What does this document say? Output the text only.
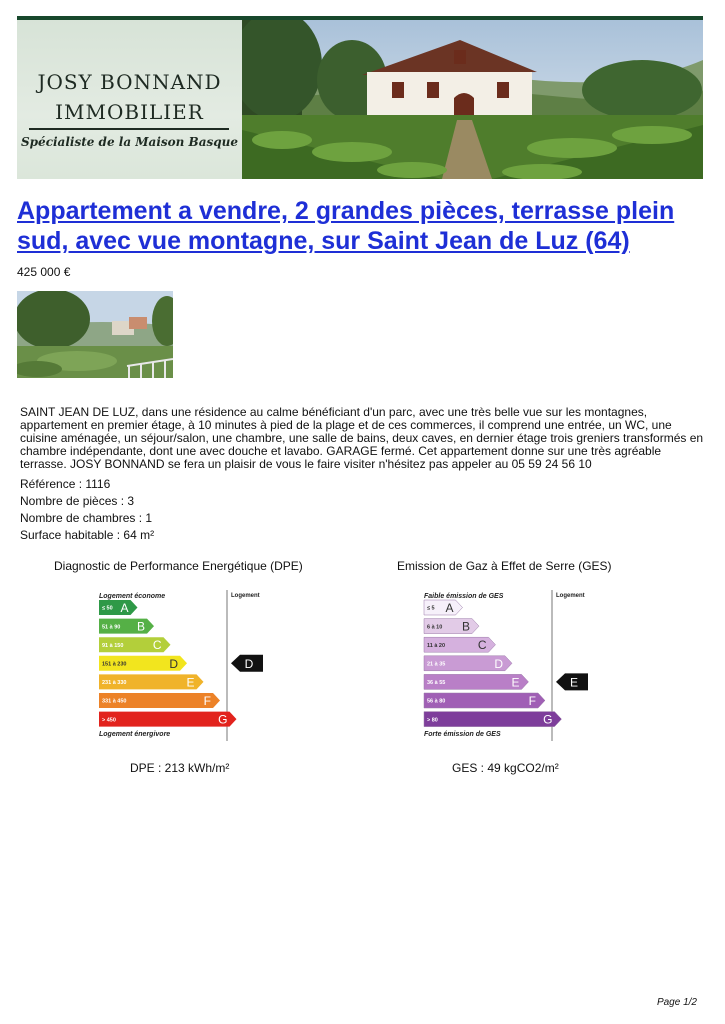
JOSY BONNAND
IMMOBILIER
Spécialiste de la Maison Basque
Appartement a vendre, 2 grandes pièces, terrasse plein sud, avec vue montagne, sur Saint Jean de Luz (64)
425 000 €

SAINT JEAN DE LUZ, dans une résidence au calme bénéficiant d'un parc, avec une très belle vue sur les montagnes, appartement en premier étage, à 10 minutes à pied de la plage et de ces commerces, il comprend une entrée, un WC, une cuisine aménagée, un séjour/salon, une chambre, une salle de bains, deux caves, en dernier étage trois greniers transformés en chambre indépendante, dont une avec douche et lavabo. GARAGE fermé. Cet appartement donne sur une très agréable terrasse. JOSY BONNAND se fera un plaisir de vous le faire visiter n'hésitez pas appeler au 05 59 24 56 10

Référence : 1116
Nombre de pièces : 3
Nombre de chambres : 1
Surface habitable : 64 m²
Diagnostic de Performance Energétique (DPE)	Emission de Gaz à Effet de Serre (GES)
Logement économe	Logement
≤ 50 A
51 à 90 B
91 à 150 C
151 à 230	D
231 à 330	E
331 à 450	F
> 450	G
Logement énergivore
D
Faible émission de GES	Logement
≤ 5 A
6 à 10 B
11 à 20	C
21 à 35	D
36 à 55	E
56 à 80	F
> 80	G
Forte émission de GES
E
DPE : 213 kWh/m²	GES : 49 kgCO2/m²
Page 1/2
